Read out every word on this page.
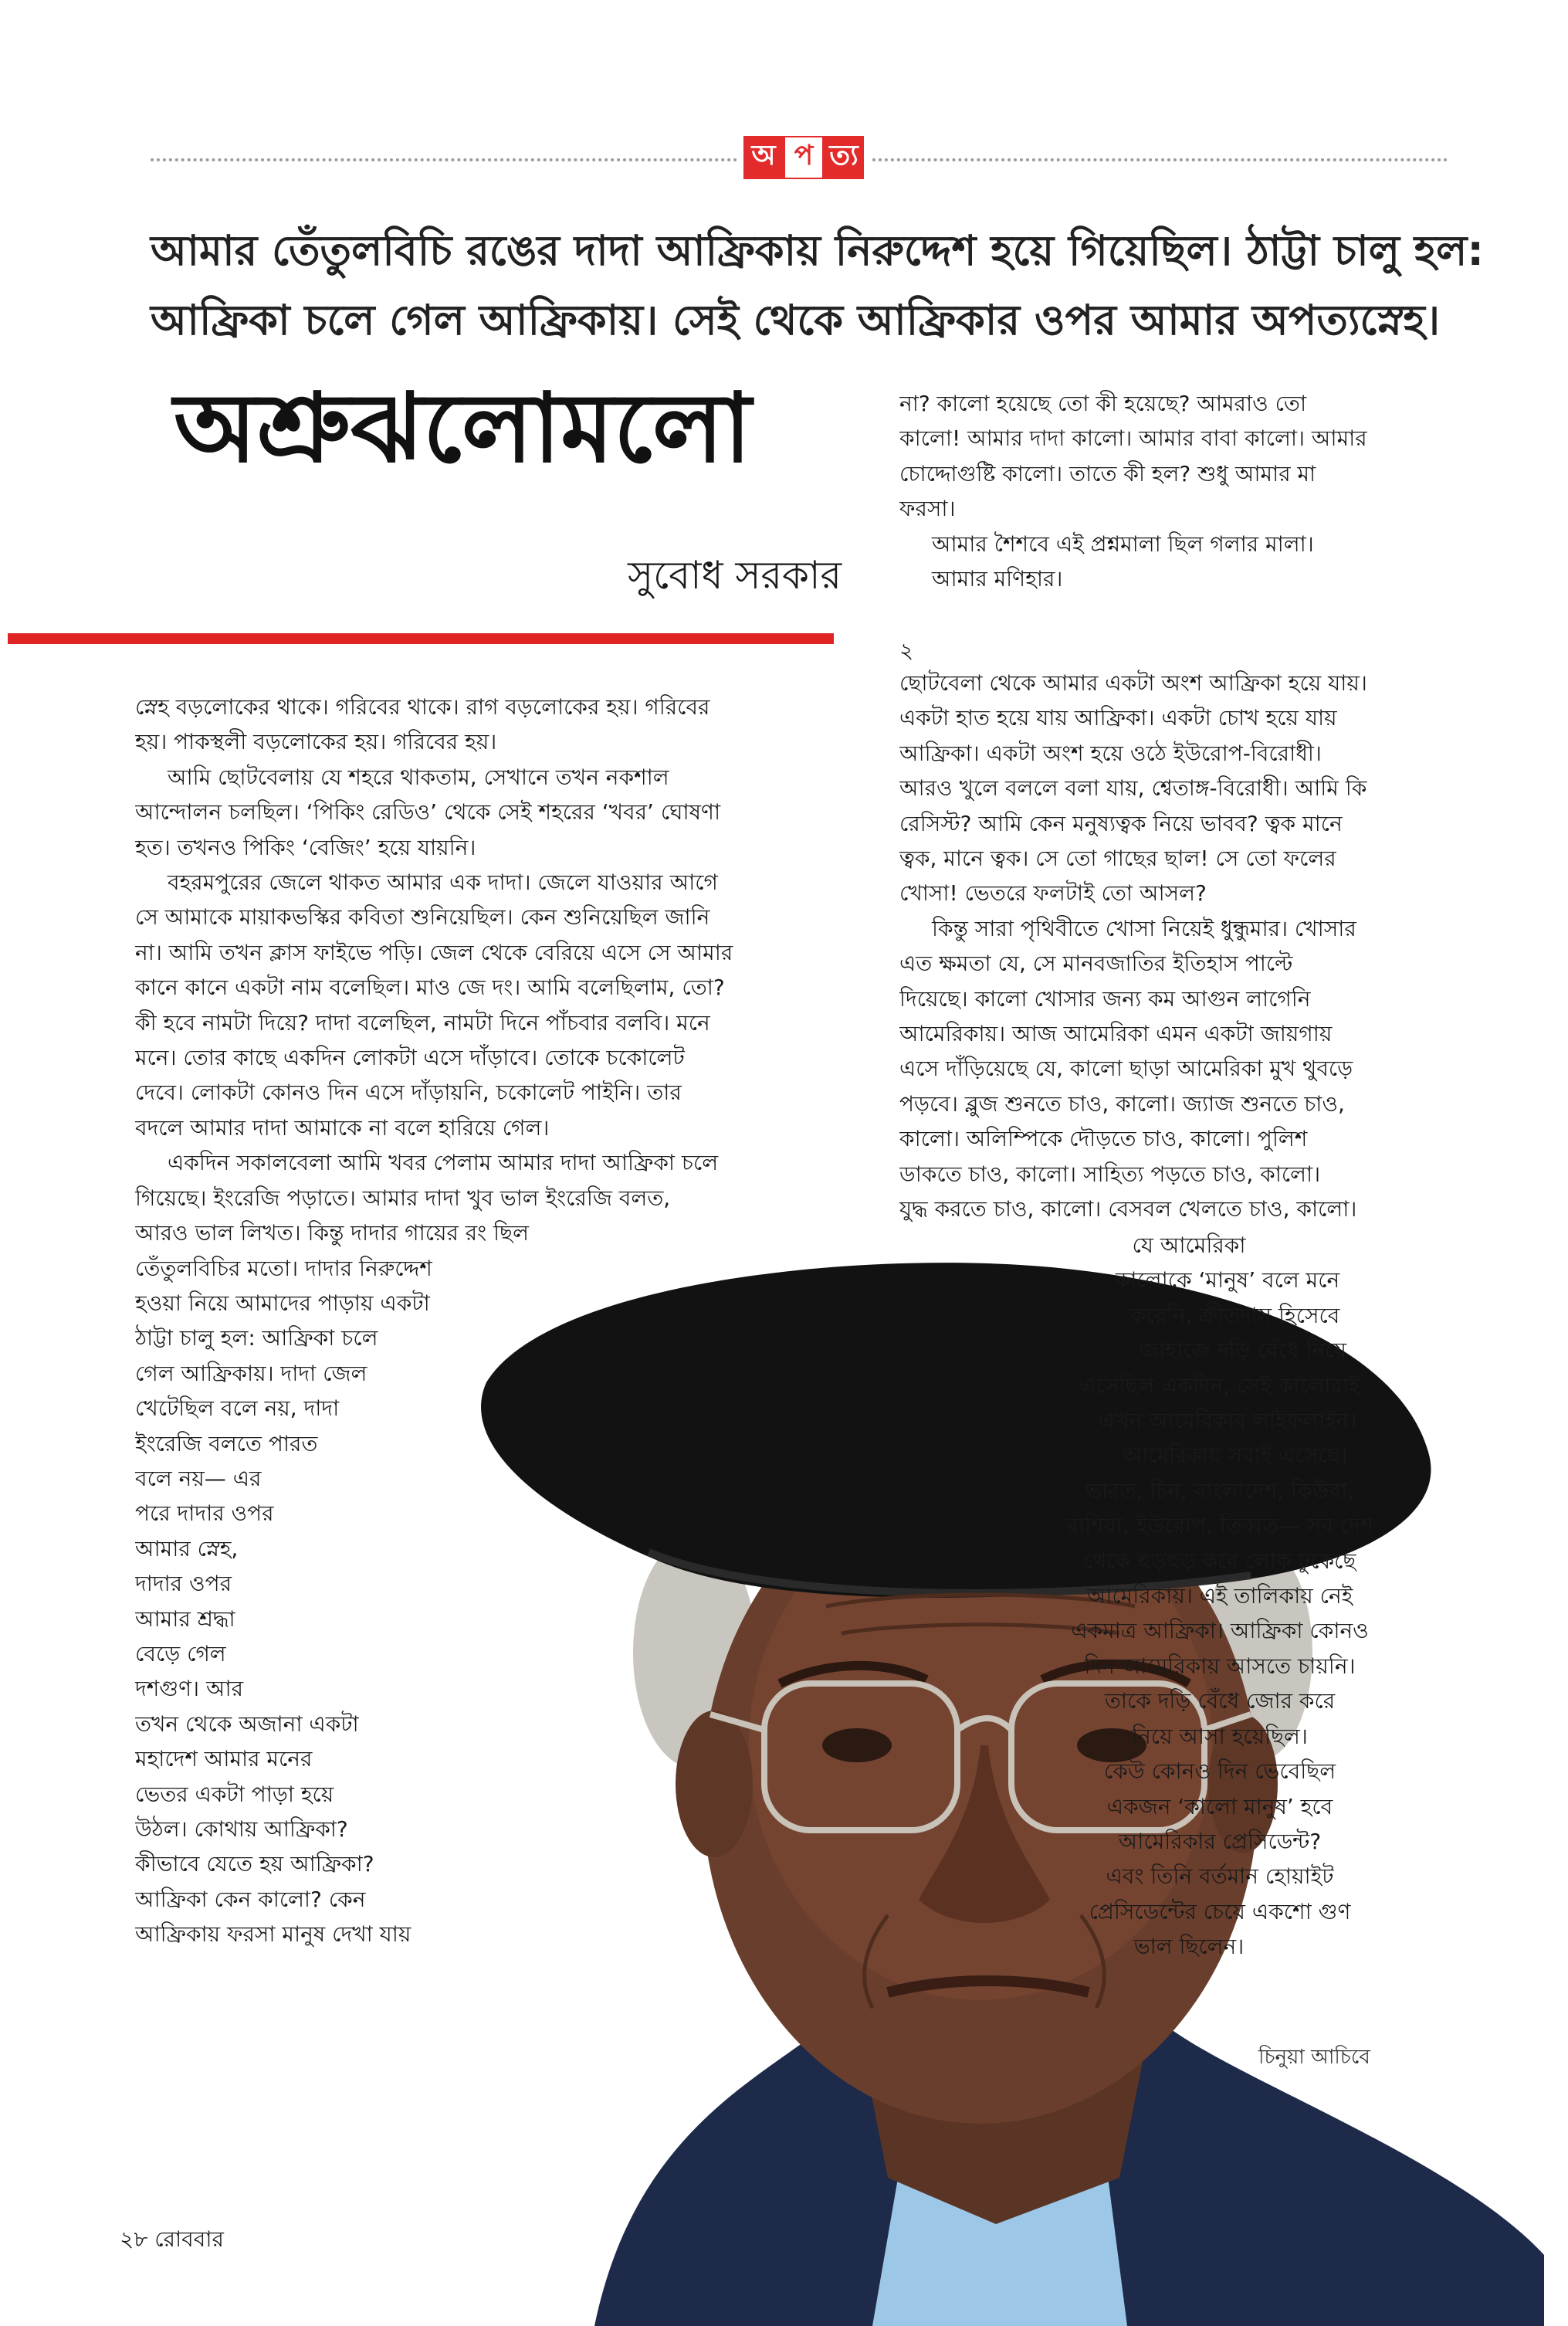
অ প ত্য
আমার তেঁতুলবিচি রঙের দাদা আফ্রিকায় নিরুদ্দেশ হয়ে গিয়েছিল। ঠাট্টা চালু হল:
আফ্রিকা চলে গেল আফ্রিকায়। সেই থেকে আফ্রিকার ওপর আমার অপত্যস্নেহ।
অশ্রুঝলোমলো
সুবোধ সরকার

স্নেহ বড়লোকের থাকে। গরিবের থাকে। রাগ বড়লোকের হয়। গরিবের

হয়। পাকস্থলী বড়লোকের হয়। গরিবের হয়।

আমি ছোটবেলায় যে শহরে থাকতাম, সেখানে তখন নকশাল

আন্দোলন চলছিল। ‘পিকিং রেডিও’ থেকে সেই শহরের ‘খবর’ ঘোষণা

হত। তখনও পিকিং ‘বেজিং’ হয়ে যায়নি।

বহরমপুরের জেলে থাকত আমার এক দাদা। জেলে যাওয়ার আগে

সে আমাকে মায়াকভস্কির কবিতা শুনিয়েছিল। কেন শুনিয়েছিল জানি

না। আমি তখন ক্লাস ফাইভে পড়ি। জেল থেকে বেরিয়ে এসে সে আমার

কানে কানে একটা নাম বলেছিল। মাও জে দং। আমি বলেছিলাম, তো?

কী হবে নামটা দিয়ে? দাদা বলেছিল, নামটা দিনে পাঁচবার বলবি। মনে

মনে। তোর কাছে একদিন লোকটা এসে দাঁড়াবে। তোকে চকোলেট

দেবে। লোকটা কোনও দিন এসে দাঁড়ায়নি, চকোলেট পাইনি। তার

বদলে আমার দাদা আমাকে না বলে হারিয়ে গেল।

একদিন সকালবেলা আমি খবর পেলাম আমার দাদা আফ্রিকা চলে

গিয়েছে। ইংরেজি পড়াতে। আমার দাদা খুব ভাল ইংরেজি বলত,

আরও ভাল লিখত। কিন্তু দাদার গায়ের রং ছিল

তেঁতুলবিচির মতো। দাদার নিরুদ্দেশ

হওয়া নিয়ে আমাদের পাড়ায় একটা

ঠাট্টা চালু হল: আফ্রিকা চলে

গেল আফ্রিকায়। দাদা জেল

খেটেছিল বলে নয়, দাদা

ইংরেজি বলতে পারত

বলে নয়— এর

পরে দাদার ওপর

আমার স্নেহ,

দাদার ওপর

আমার শ্রদ্ধা

বেড়ে গেল

দশগুণ। আর

তখন থেকে অজানা একটা

মহাদেশ আমার মনের

ভেতর একটা পাড়া হয়ে

উঠল। কোথায় আফ্রিকা?

কীভাবে যেতে হয় আফ্রিকা?

আফ্রিকা কেন কালো? কেন

আফ্রিকায় ফরসা মানুষ দেখা যায়

না? কালো হয়েছে তো কী হয়েছে? আমরাও তো

কালো! আমার দাদা কালো। আমার বাবা কালো। আমার

চোদ্দোগুষ্টি কালো। তাতে কী হল? শুধু আমার মা

ফরসা।

আমার শৈশবে এই প্রশ্নমালা ছিল গলার মালা।

আমার মণিহার।

২

ছোটবেলা থেকে আমার একটা অংশ আফ্রিকা হয়ে যায়।

একটা হাত হয়ে যায় আফ্রিকা। একটা চোখ হয়ে যায়

আফ্রিকা। একটা অংশ হয়ে ওঠে ইউরোপ-বিরোধী।

আরও খুলে বললে বলা যায়, শ্বেতাঙ্গ-বিরোধী। আমি কি

রেসিস্ট? আমি কেন মনুষ্যত্বক নিয়ে ভাবব? ত্বক মানে

ত্বক, মানে ত্বক। সে তো গাছের ছাল! সে তো ফলের

খোসা! ভেতরে ফলটাই তো আসল?

কিন্তু সারা পৃথিবীতে খোসা নিয়েই ধুন্ধুমার। খোসার

এত ক্ষমতা যে, সে মানবজাতির ইতিহাস পাল্টে

দিয়েছে। কালো খোসার জন্য কম আগুন লাগেনি

আমেরিকায়। আজ আমেরিকা এমন একটা জায়গায়

এসে দাঁড়িয়েছে যে, কালো ছাড়া আমেরিকা মুখ থুবড়ে

পড়বে। ব্লুজ শুনতে চাও, কালো। জ্যাজ শুনতে চাও,

কালো। অলিম্পিকে দৌড়তে চাও, কালো। পুলিশ

ডাকতে চাও, কালো। সাহিত্য পড়তে চাও, কালো।

যুদ্ধ করতে চাও, কালো। বেসবল খেলতে চাও, কালো।

যে আমেরিকা

কালোকে ‘মানুষ’ বলে মনে

করেনি, ক্রীতদাস হিসেবে

জাহাজে দড়ি বেঁধে নিয়ে

এসেছিল একদিন, সেই কালোরাই

এখন আমেরিকার লাইফলাইন।

আমেরিকায় সবাই এসেছে।

ভারত, চিন, বাংলাদেশ, কিউবা,

রাশিয়া, ইউরোপ, তিব্বত— সব দেশ

থেকে হুড়হুড় করে লোক ঢুকেছে

আমেরিকায়। এই তালিকায় নেই

একমাত্র আফ্রিকা। আফ্রিকা কোনও

দিন আমেরিকায় আসতে চায়নি।

তাকে দড়ি বেঁধে জোর করে

নিয়ে আসা হয়েছিল।

কেউ কোনও দিন ভেবেছিল

একজন ‘কালো মানুষ’ হবে

আমেরিকার প্রেসিডেন্ট?

এবং তিনি বর্তমান হোয়াইট

প্রেসিডেন্টের চেয়ে একশো গুণ

ভাল ছিলেন।

চিনুয়া আচিবে
২৮ রোববার
